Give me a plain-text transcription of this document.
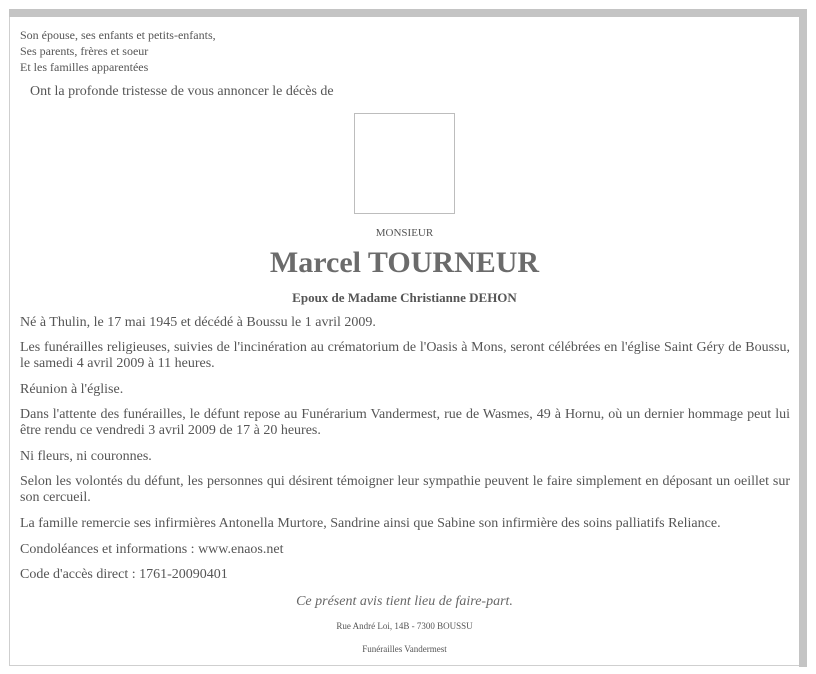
Son épouse, ses enfants et petits-enfants,
Ses parents, frères et soeur
Et les familles apparentées
Ont la profonde tristesse de vous annoncer le décès de
MONSIEUR
Marcel TOURNEUR
Epoux de Madame Christianne DEHON
Né à Thulin, le 17 mai 1945 et décédé à Boussu le 1 avril 2009.
Les funérailles religieuses, suivies de l'incinération au crématorium de l'Oasis à Mons, seront célébrées en l'église Saint Géry de Boussu, le samedi 4 avril 2009 à 11 heures.
Réunion à l'église.
Dans l'attente des funérailles, le défunt repose au Funérarium Vandermest, rue de Wasmes, 49 à Hornu, où un dernier hommage peut lui être rendu ce vendredi 3 avril 2009 de 17 à 20 heures.
Ni fleurs, ni couronnes.
Selon les volontés du défunt, les personnes qui désirent témoigner leur sympathie peuvent le faire simplement en déposant un oeillet sur son cercueil.
La famille remercie ses infirmières Antonella Murtore, Sandrine ainsi que Sabine son infirmière des soins palliatifs Reliance.
Condoléances et informations : www.enaos.net
Code d'accès direct : 1761-20090401
Ce présent avis tient lieu de faire-part.
Rue André Loi, 14B - 7300 BOUSSU
Funérailles Vandermest
